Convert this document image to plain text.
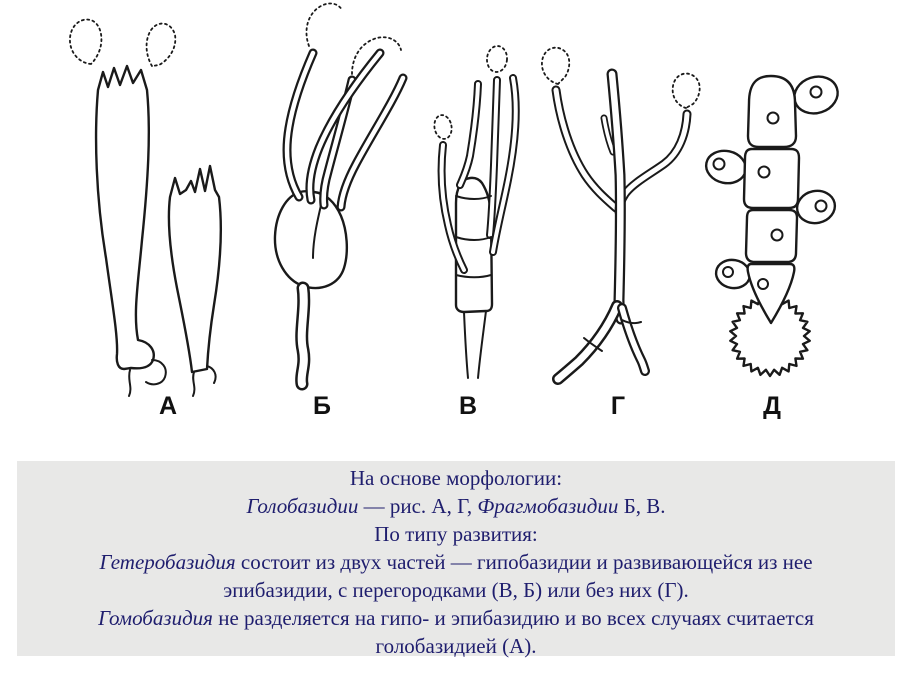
А	Б	В	Г	Д

На основе морфологии:

Голобазидии — рис. А, Г, Фрагмобазидии Б, В.

По типу развития:

Гетеробазидия состоит из двух частей — гипобазидии и развивающейся из нее

эпибазидии, с перегородками (В, Б) или без них (Г).

Гомобазидия не разделяется на гипо- и эпибазидию и во всех случаях считается

голобазидией (А).
